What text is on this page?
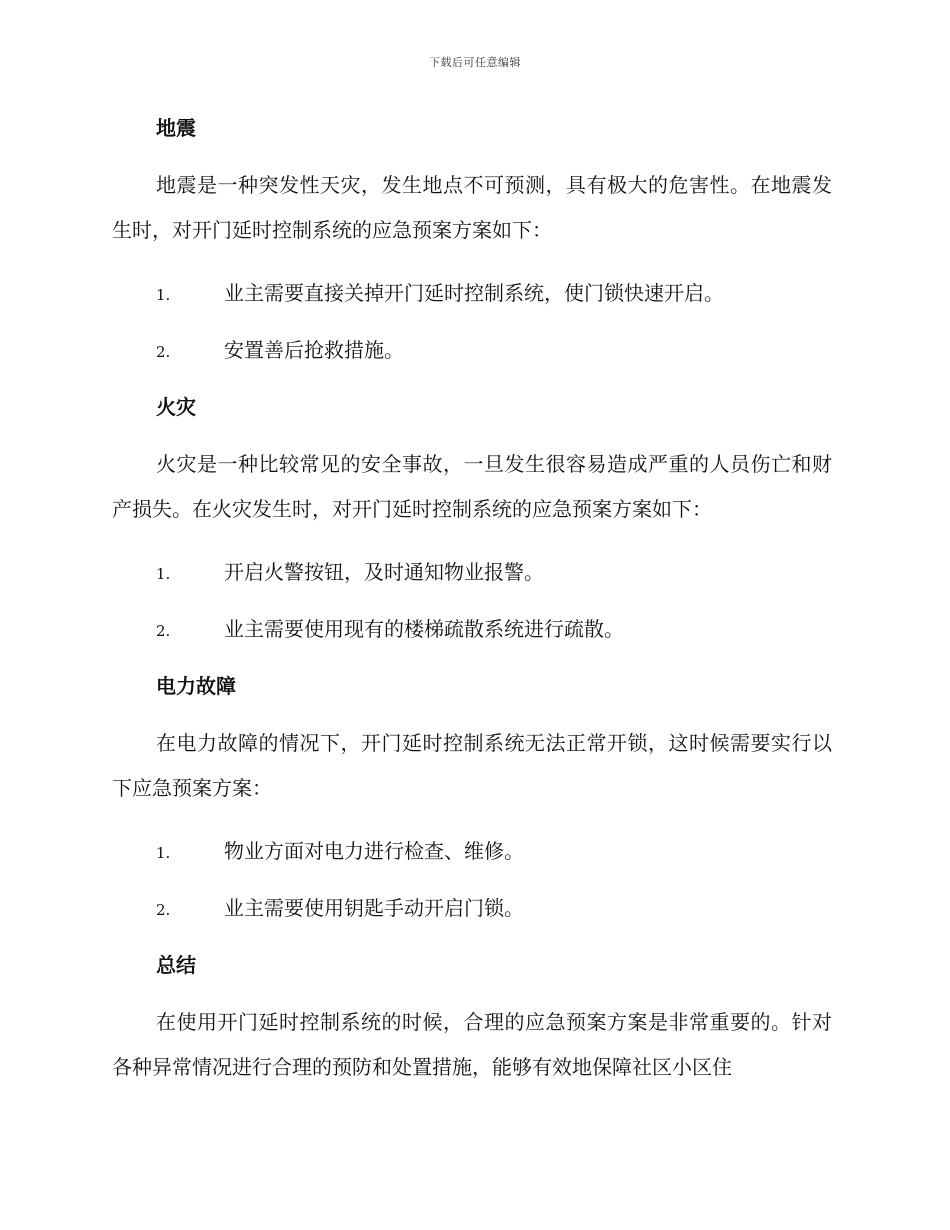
下载后可任意编辑
地震

地震是一种突发性天灾，发生地点不可预测，具有极大的危害性。在地震发生时，对开门延时控制系统的应急预案方案如下：

1.	业主需要直接关掉开门延时控制系统，使门锁快速开启。
2.	安置善后抢救措施。
火灾

火灾是一种比较常见的安全事故，一旦发生很容易造成严重的人员伤亡和财产损失。在火灾发生时，对开门延时控制系统的应急预案方案如下：

1.	开启火警按钮，及时通知物业报警。
2.	业主需要使用现有的楼梯疏散系统进行疏散。
电力故障

在电力故障的情况下，开门延时控制系统无法正常开锁，这时候需要实行以下应急预案方案：

1.	物业方面对电力进行检查、维修。
2.	业主需要使用钥匙手动开启门锁。
总结

在使用开门延时控制系统的时候，合理的应急预案方案是非常重要的。针对各种异常情况进行合理的预防和处置措施，能够有效地保障社区小区住
